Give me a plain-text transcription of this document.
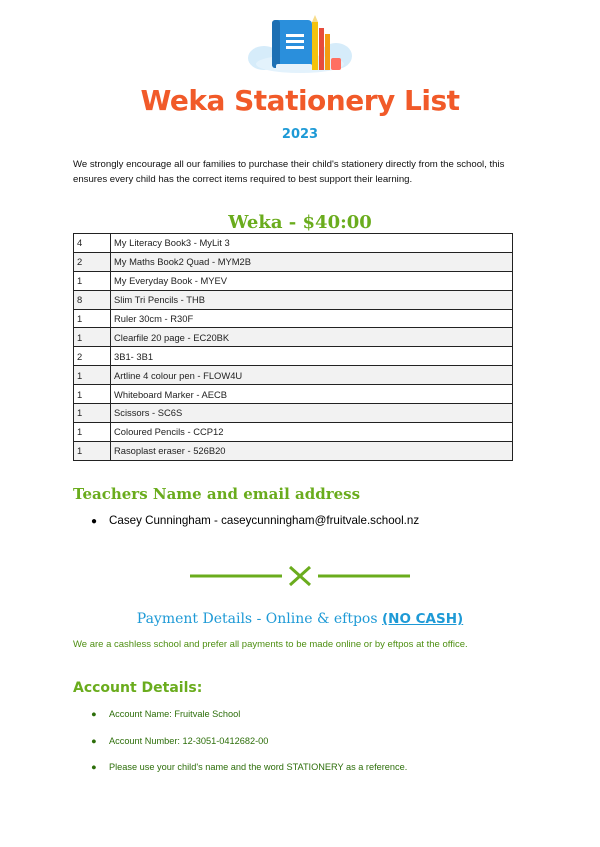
Weka Stationery List
2023
We strongly encourage all our families to purchase their child's stationery directly from the school, this ensures every child has the correct items required to best support their learning.
Weka - $40:00
4	My Literacy Book3 - MyLit 3
2	My Maths Book2 Quad - MYM2B
1	My Everyday Book - MYEV
8	Slim Tri Pencils - THB
1	Ruler 30cm - R30F
1	Clearfile 20 page - EC20BK
2	3B1- 3B1
1	Artline 4 colour pen - FLOW4U
1	Whiteboard Marker - AECB
1	Scissors - SC6S
1	Coloured Pencils - CCP12
1	Rasoplast eraser - 526B20
Teachers Name and email address
● Casey Cunningham - caseycunningham@fruitvale.school.nz
Payment Details - Online & eftpos (NO CASH)
We are a cashless school and prefer all payments to be made online or by eftpos at the office.
Account Details:
● Account Name: Fruitvale School
● Account Number: 12-3051-0412682-00
● Please use your child's name and the word STATIONERY as a reference.
